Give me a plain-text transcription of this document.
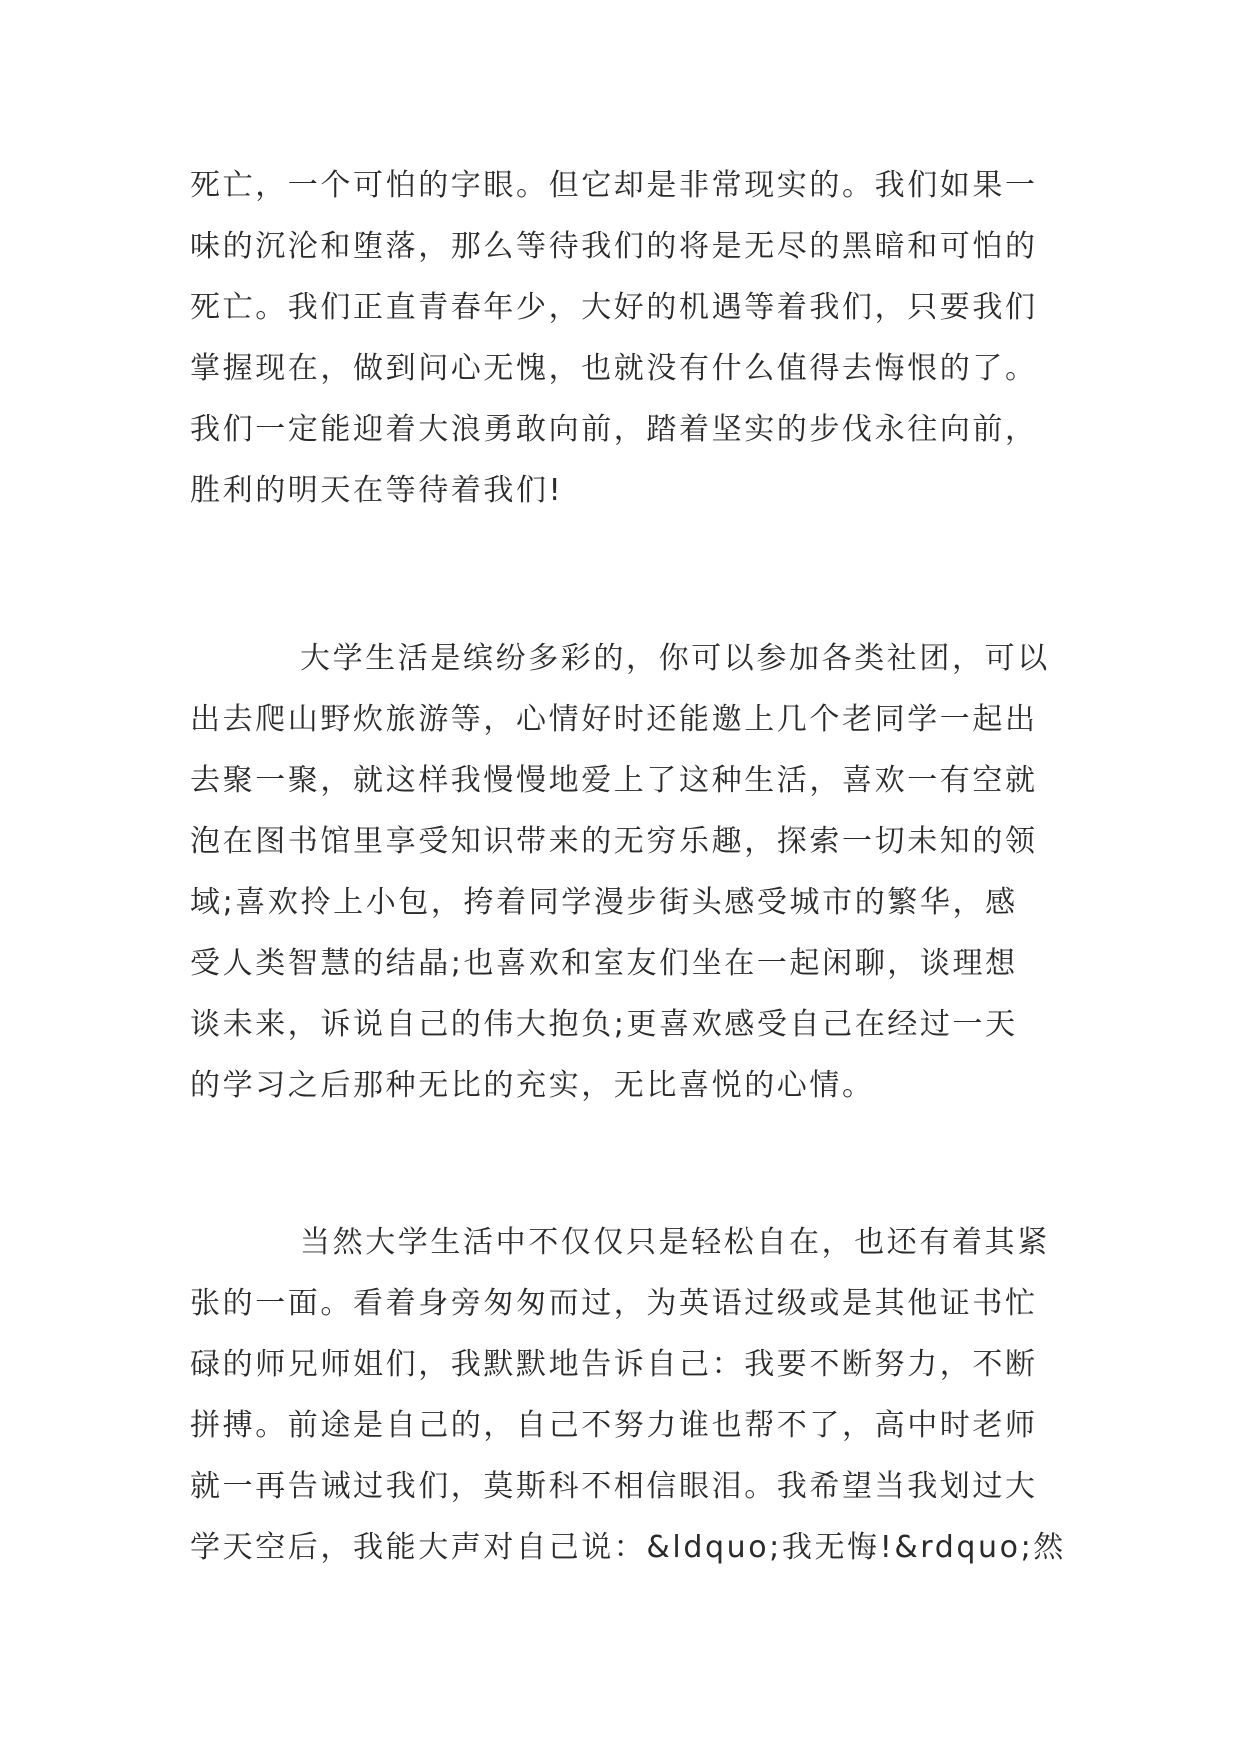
死亡，一个可怕的字眼。但它却是非常现实的。我们如果一
味的沉沦和堕落，那么等待我们的将是无尽的黑暗和可怕的
死亡。我们正直青春年少，大好的机遇等着我们，只要我们
掌握现在，做到问心无愧，也就没有什么值得去悔恨的了。
我们一定能迎着大浪勇敢向前，踏着坚实的步伐永往向前，
胜利的明天在等待着我们!

大学生活是缤纷多彩的，你可以参加各类社团，可以
出去爬山野炊旅游等，心情好时还能邀上几个老同学一起出
去聚一聚，就这样我慢慢地爱上了这种生活，喜欢一有空就
泡在图书馆里享受知识带来的无穷乐趣，探索一切未知的领
域;喜欢拎上小包，挎着同学漫步街头感受城市的繁华，感
受人类智慧的结晶;也喜欢和室友们坐在一起闲聊，谈理想
谈未来，诉说自己的伟大抱负;更喜欢感受自己在经过一天
的学习之后那种无比的充实，无比喜悦的心情。

当然大学生活中不仅仅只是轻松自在，也还有着其紧
张的一面。看着身旁匆匆而过，为英语过级或是其他证书忙
碌的师兄师姐们，我默默地告诉自己：我要不断努力，不断
拼搏。前途是自己的，自己不努力谁也帮不了，高中时老师
就一再告诫过我们，莫斯科不相信眼泪。我希望当我划过大
学天空后，我能大声对自己说：&ldquo;我无悔!&rdquo;然
